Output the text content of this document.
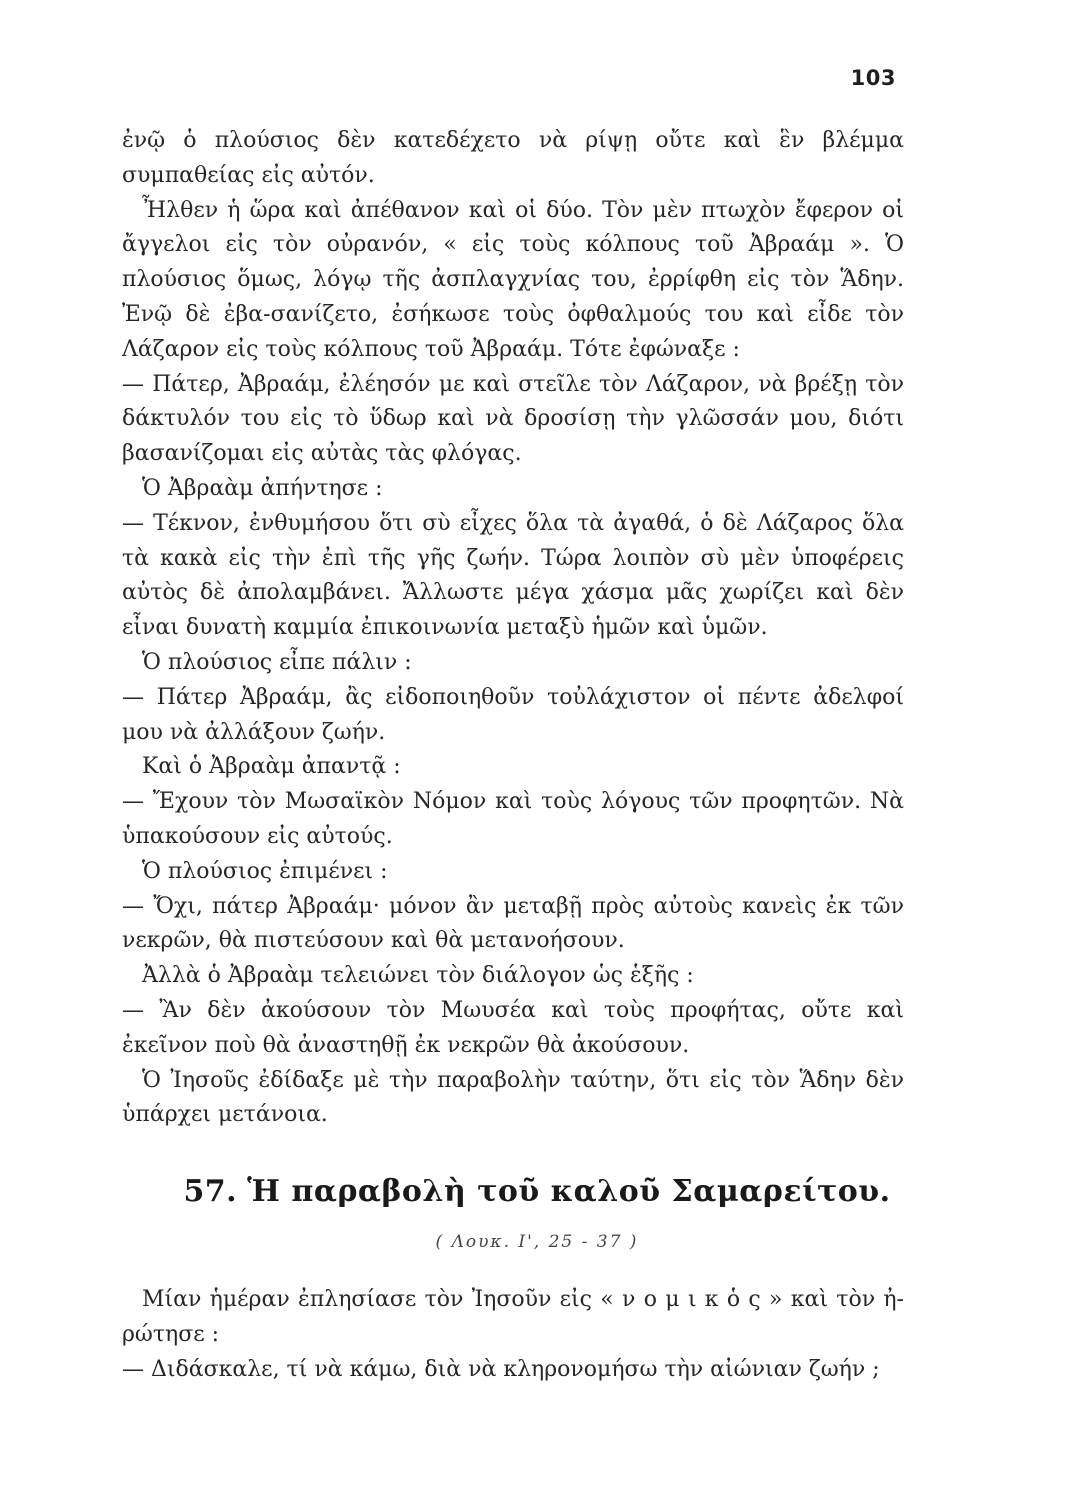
103

ἐνῷ ὁ πλούσιος δὲν κατεδέχετο νὰ ρίψῃ οὔτε καὶ ἓν βλέμμα συμπαθείας εἰς αὐτόν.

Ἦλθεν ἡ ὥρα καὶ ἀπέθανον καὶ οἱ δύο. Τὸν μὲν πτωχὸν ἔφερον οἱ ἄγγελοι εἰς τὸν οὐρανόν, « εἰς τοὺς κόλπους τοῦ Ἀβραάμ ». Ὁ πλούσιος ὅμως, λόγῳ τῆς ἀσπλαγχνίας του, ἐρρίφθη εἰς τὸν Ἅδην. Ἐνῷ δὲ ἐβα-σανίζετο, ἐσήκωσε τοὺς ὀφθαλμούς του καὶ εἶδε τὸν Λάζαρον εἰς τοὺς κόλπους τοῦ Ἀβραάμ. Τότε ἐφώναξε :

— Πάτερ, Ἀβραάμ, ἐλέησόν με καὶ στεῖλε τὸν Λάζαρον, νὰ βρέξῃ τὸν δάκτυλόν του εἰς τὸ ὕδωρ καὶ νὰ δροσίσῃ τὴν γλῶσσάν μου, διότι βασανίζομαι εἰς αὐτὰς τὰς φλόγας.

Ὁ Ἀβραὰμ ἀπήντησε :

— Τέκνον, ἐνθυμήσου ὅτι σὺ εἶχες ὅλα τὰ ἀγαθά, ὁ δὲ Λάζαρος ὅλα τὰ κακὰ εἰς τὴν ἐπὶ τῆς γῆς ζωήν. Τώρα λοιπὸν σὺ μὲν ὑποφέρεις αὐτὸς δὲ ἀπολαμβάνει. Ἄλλωστε μέγα χάσμα μᾶς χωρίζει καὶ δὲν εἶναι δυνατὴ καμμία ἐπικοινωνία μεταξὺ ἡμῶν καὶ ὑμῶν.

Ὁ πλούσιος εἶπε πάλιν :

— Πάτερ Ἀβραάμ, ἂς εἰδοποιηθοῦν τοὐλάχιστον οἱ πέντε ἀδελφοί μου νὰ ἀλλάξουν ζωήν.

Καὶ ὁ Ἀβραὰμ ἀπαντᾷ :

— Ἔχουν τὸν Μωσαϊκὸν Νόμον καὶ τοὺς λόγους τῶν προφητῶν. Νὰ ὑπακούσουν εἰς αὐτούς.

Ὁ πλούσιος ἐπιμένει :

— Ὄχι, πάτερ Ἀβραάμ· μόνον ἂν μεταβῇ πρὸς αὐτοὺς κανεὶς ἐκ τῶν νεκρῶν, θὰ πιστεύσουν καὶ θὰ μετανοήσουν.

Ἀλλὰ ὁ Ἀβραὰμ τελειώνει τὸν διάλογον ὡς ἑξῆς :

— Ἂν δὲν ἀκούσουν τὸν Μωυσέα καὶ τοὺς προφήτας, οὔτε καὶ ἐκεῖνον ποὺ θὰ ἀναστηθῇ ἐκ νεκρῶν θὰ ἀκούσουν.

Ὁ Ἰησοῦς ἐδίδαξε μὲ τὴν παραβολὴν ταύτην, ὅτι εἰς τὸν Ἅδην δὲν ὑπάρχει μετάνοια.

57. Ἡ παραβολὴ τοῦ καλοῦ Σαμαρείτου.
( Λουκ. Ι', 25 - 37 )

Μίαν ἡμέραν ἐπλησίασε τὸν Ἰησοῦν εἰς « ν ο μ ι κ ὁ ς » καὶ τὸν ἠ-ρώτησε :

— Διδάσκαλε, τί νὰ κάμω, διὰ νὰ κληρονομήσω τὴν αἰώνιαν ζωήν ;
